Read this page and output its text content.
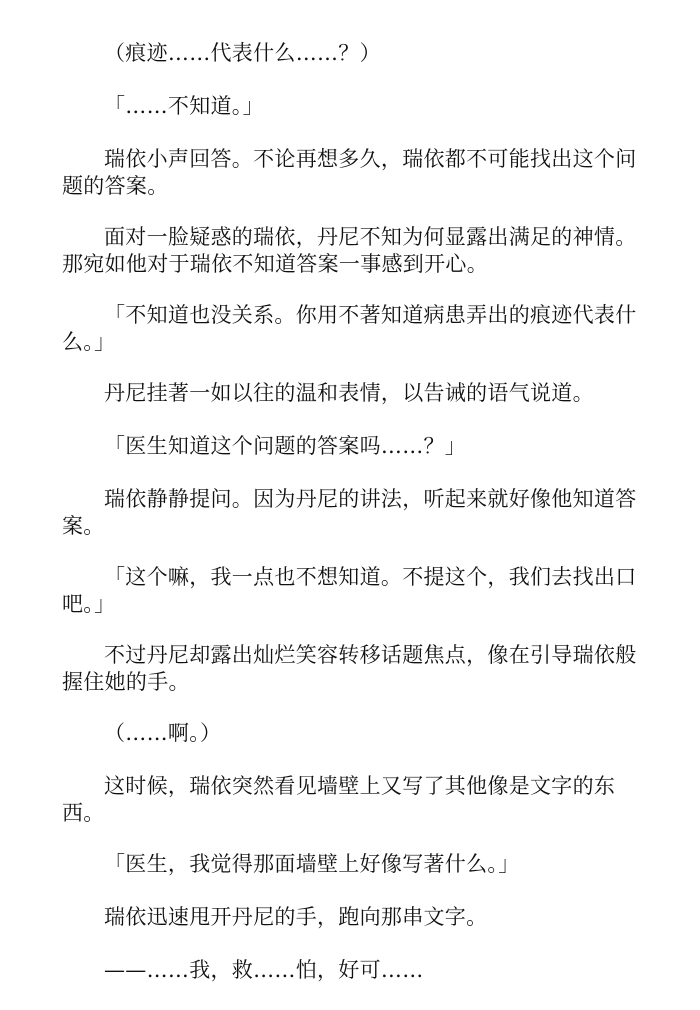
（痕迹……代表什么……？）

「……不知道。」

瑞依小声回答。不论再想多久，瑞依都不可能找出这个问题的答案。

面对一脸疑惑的瑞依，丹尼不知为何显露出满足的神情。那宛如他对于瑞依不知道答案一事感到开心。

「不知道也没关系。你用不著知道病患弄出的痕迹代表什么。」

丹尼挂著一如以往的温和表情，以告诫的语气说道。

「医生知道这个问题的答案吗……？」

瑞依静静提问。因为丹尼的讲法，听起来就好像他知道答案。

「这个嘛，我一点也不想知道。不提这个，我们去找出口吧。」

不过丹尼却露出灿烂笑容转移话题焦点，像在引导瑞依般握住她的手。

（……啊。）

这时候，瑞依突然看见墙壁上又写了其他像是文字的东西。

「医生，我觉得那面墙壁上好像写著什么。」

瑞依迅速甩开丹尼的手，跑向那串文字。

——……我，救……怕，好可……
